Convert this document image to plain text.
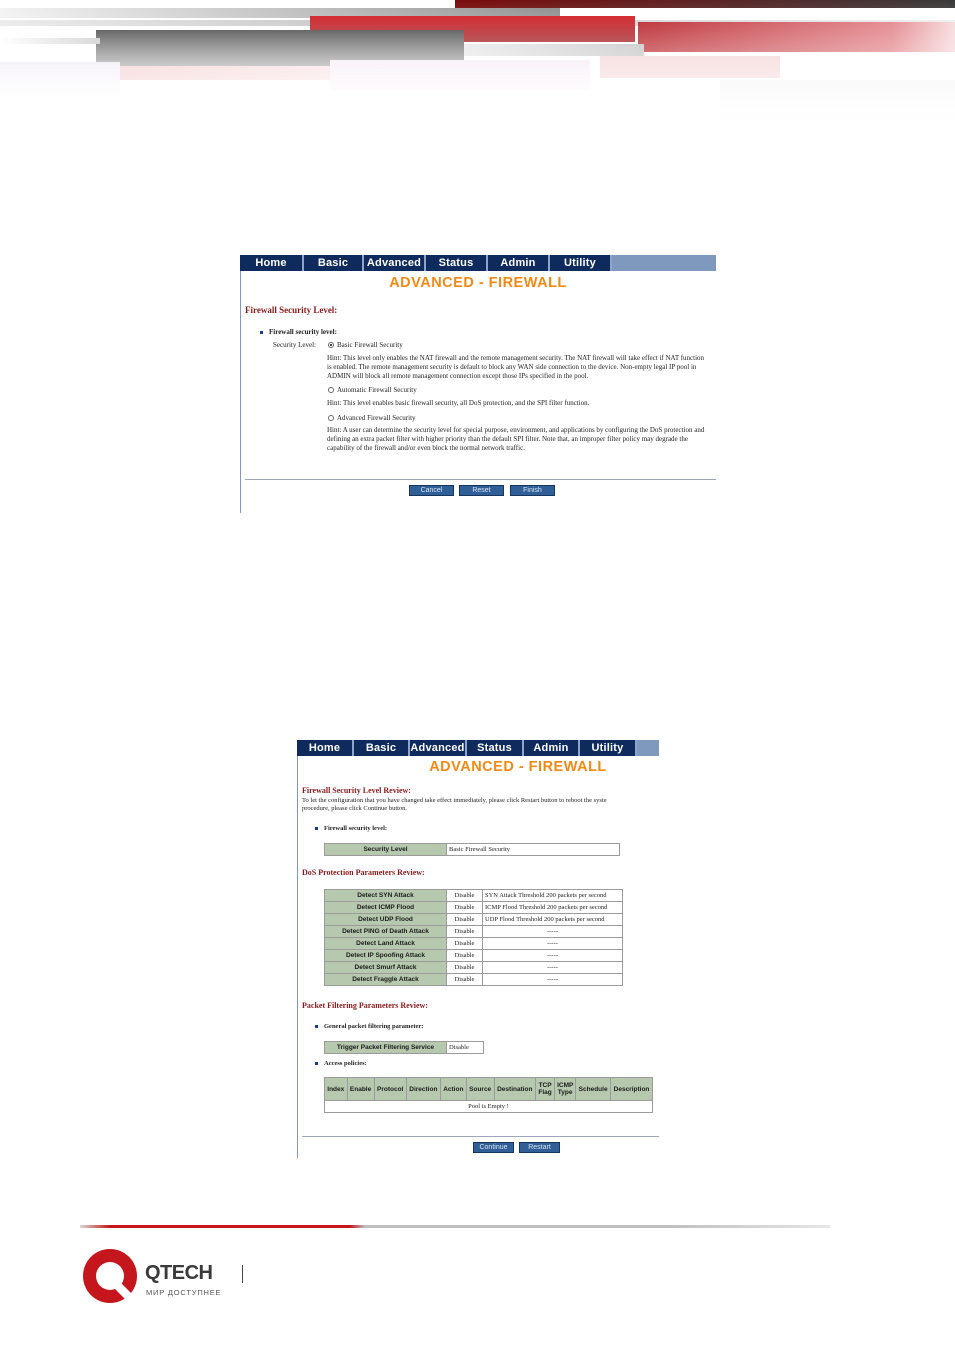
Home	Basic	Advanced	Status	Admin	Utility
ADVANCED - FIREWALL
Firewall Security Level:
Firewall security level:
Security Level:	Basic Firewall Security
Hint: This level only enables the NAT firewall and the remote management security. The NAT firewall will take effect if NAT function is enabled. The remote management security is default to block any WAN side connection to the device. Non-empty legal IP pool in ADMIN will block all remote management connection except those IPs specified in the pool.
Automatic Firewall Security
Hint: This level enables basic firewall security, all DoS protection, and the SPI filter function.
Advanced Firewall Security
Hint: A user can determine the security level for special purpose, environment, and applications by configuring the DoS protection and defining an extra packet filter with higher priority than the default SPI filter. Note that, an improper filter policy may degrade the capability of the firewall and/or even block the normal network traffic.
Cancel	Reset	Finish
Home	Basic	Advanced	Status	Admin	Utility
ADVANCED - FIREWALL
Firewall Security Level Review:
To let the configuration that you have changed take effect immediately, please click Restart button to reboot the syste
procedure, please click Continue button.
Firewall security level:
Security Level	Basic Firewall Security
DoS Protection Parameters Review:
Detect SYN Attack	Disable	SYN Attack Threshold 200 packets per second
Detect ICMP Flood	Disable	ICMP Flood Threshold 200 packets per second
Detect UDP Flood	Disable	UDP Flood Threshold 200 packets per second
Detect PING of Death Attack	Disable	-----
Detect Land Attack	Disable	-----
Detect IP Spoofing Attack	Disable	-----
Detect Smurf Attack	Disable	-----
Detect Fraggle Attack	Disable	-----
Packet Filtering Parameters Review:
General packet filtering parameter:
Trigger Packet Filtering Service	Disable
Access policies:
Index	Enable	Protocol	Direction	Action	Source	Destination	TCP Flag	ICMP Type	Schedule	Description
Pool is Empty !
Continue	Restart
QTECH
МИР ДОСТУПНЕЕ
